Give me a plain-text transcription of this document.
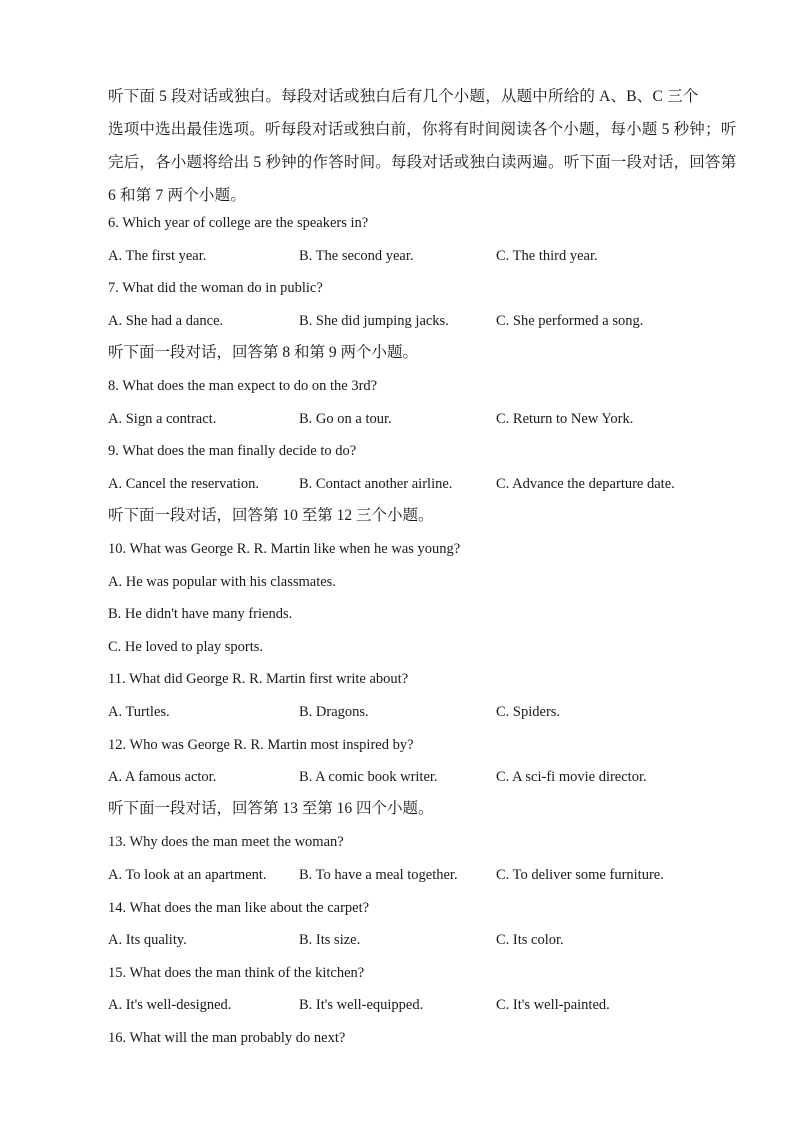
听下面 5 段对话或独白。每段对话或独白后有几个小题，从题中所给的 A、B、C 三个
选项中选出最佳选项。听每段对话或独白前，你将有时间阅读各个小题，每小题 5 秒钟；听
完后，各小题将给出 5 秒钟的作答时间。每段对话或独白读两遍。听下面一段对话，回答第
6 和第 7 两个小题。
6. Which year of college are the speakers in?
A. The first year.	B. The second year.	C. The third year.
7. What did the woman do in public?
A. She had a dance.	B. She did jumping jacks.	C. She performed a song.
听下面一段对话，回答第 8 和第 9 两个小题。
8. What does the man expect to do on the 3rd?
A. Sign a contract.	B. Go on a tour.	C. Return to New York.
9. What does the man finally decide to do?
A. Cancel the reservation.	B. Contact another airline.	C. Advance the departure date.
听下面一段对话，回答第 10 至第 12 三个小题。
10. What was George R. R. Martin like when he was young?
A. He was popular with his classmates.
B. He didn't have many friends.
C. He loved to play sports.
11. What did George R. R. Martin first write about?
A. Turtles.	B. Dragons.	C. Spiders.
12. Who was George R. R. Martin most inspired by?
A. A famous actor.	B. A comic book writer.	C. A sci-fi movie director.
听下面一段对话，回答第 13 至第 16 四个小题。
13. Why does the man meet the woman?
A. To look at an apartment. B. To have a meal together.	C. To deliver some furniture.
14. What does the man like about the carpet?
A. Its quality.	B. Its size.	C. Its color.
15. What does the man think of the kitchen?
A. It's well-designed.	B. It's well-equipped.	C. It's well-painted.
16. What will the man probably do next?
